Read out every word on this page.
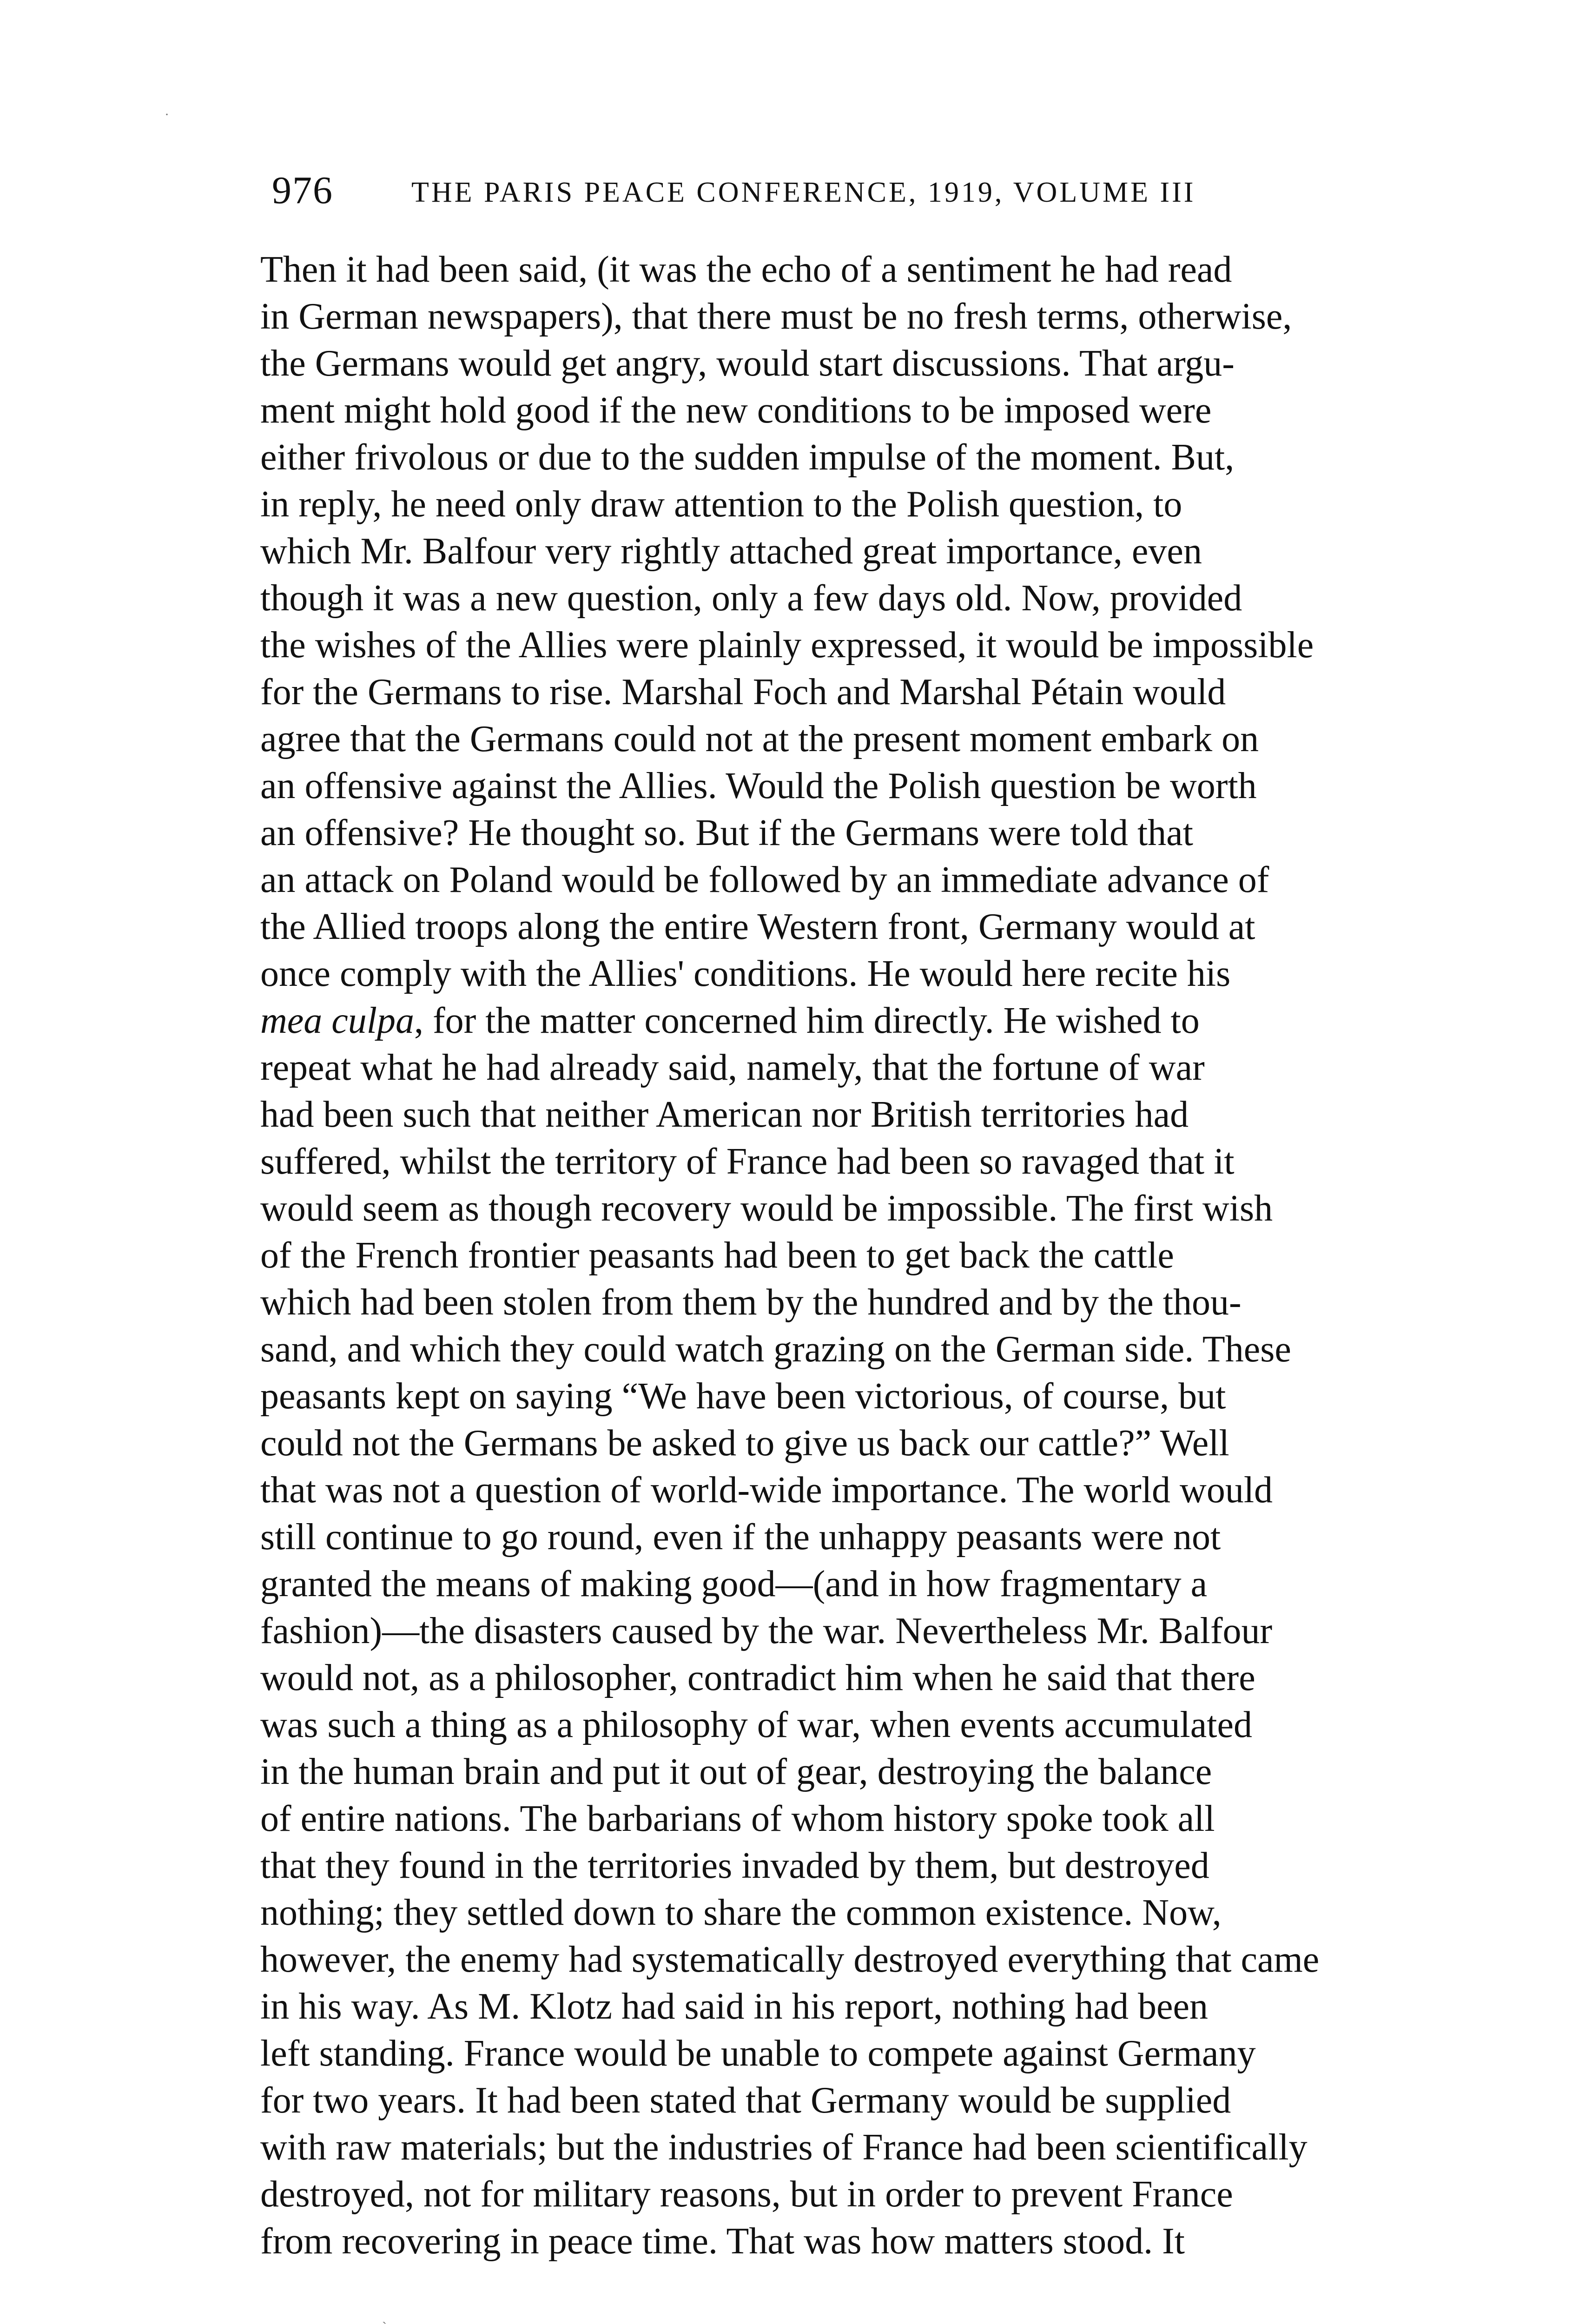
976	THE PARIS PEACE CONFERENCE, 1919, VOLUME III
Then it had been said, (it was the echo of a sentiment he had read
in German newspapers), that there must be no fresh terms, otherwise,
the Germans would get angry, would start discussions. That argu-
ment might hold good if the new conditions to be imposed were
either frivolous or due to the sudden impulse of the moment. But,
in reply, he need only draw attention to the Polish question, to
which Mr. Balfour very rightly attached great importance, even
though it was a new question, only a few days old. Now, provided
the wishes of the Allies were plainly expressed, it would be impossible
for the Germans to rise. Marshal Foch and Marshal Pétain would
agree that the Germans could not at the present moment embark on
an offensive against the Allies. Would the Polish question be worth
an offensive? He thought so. But if the Germans were told that
an attack on Poland would be followed by an immediate advance of
the Allied troops along the entire Western front, Germany would at
once comply with the Allies' conditions. He would here recite his
mea culpa, for the matter concerned him directly. He wished to
repeat what he had already said, namely, that the fortune of war
had been such that neither American nor British territories had
suffered, whilst the territory of France had been so ravaged that it
would seem as though recovery would be impossible. The first wish
of the French frontier peasants had been to get back the cattle
which had been stolen from them by the hundred and by the thou-
sand, and which they could watch grazing on the German side. These
peasants kept on saying “We have been victorious, of course, but
could not the Germans be asked to give us back our cattle?” Well
that was not a question of world-wide importance. The world would
still continue to go round, even if the unhappy peasants were not
granted the means of making good—(and in how fragmentary a
fashion)—the disasters caused by the war. Nevertheless Mr. Balfour
would not, as a philosopher, contradict him when he said that there
was such a thing as a philosophy of war, when events accumulated
in the human brain and put it out of gear, destroying the balance
of entire nations. The barbarians of whom history spoke took all
that they found in the territories invaded by them, but destroyed
nothing; they settled down to share the common existence. Now,
however, the enemy had systematically destroyed everything that came
in his way. As M. Klotz had said in his report, nothing had been
left standing. France would be unable to compete against Germany
for two years. It had been stated that Germany would be supplied
with raw materials; but the industries of France had been scientifically
destroyed, not for military reasons, but in order to prevent France
from recovering in peace time. That was how matters stood. It
·
